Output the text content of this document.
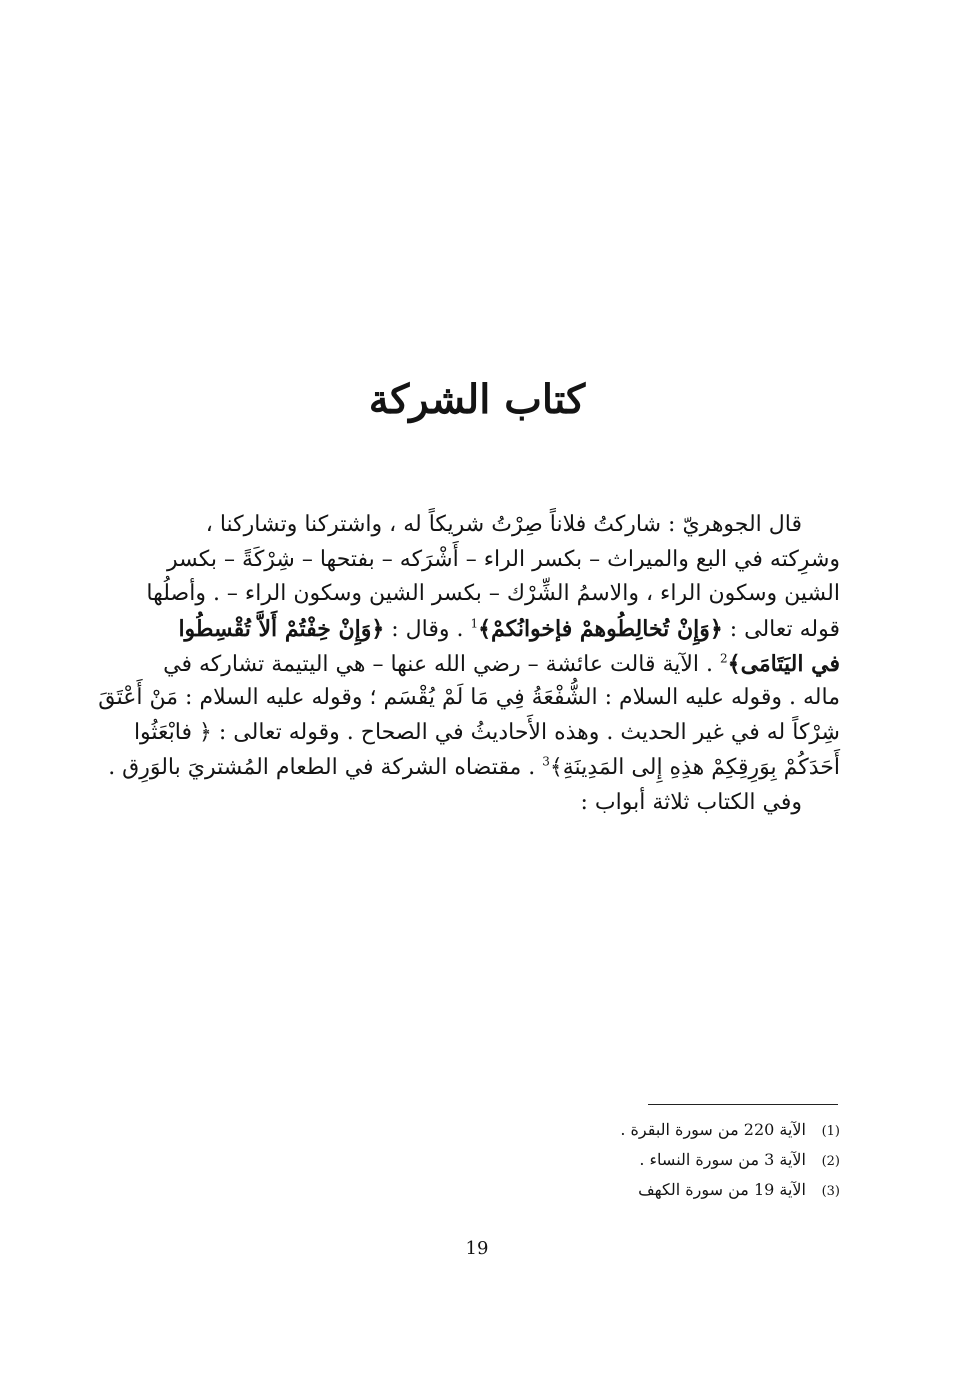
كتاب الشركة
قال الجوهريّ : شاركتُ فلاناً صِرْتُ شريكاً له ، واشتركنا وتشاركنا ،
وشرِكته في البع والميراث – بكسر الراء – أَشْرَكه – بفتحها – شِرْكَةً – بكسر
الشين وسكون الراء ، والاسمُ الشِّرْك – بكسر الشين وسكون الراء – . وأصلُها
قوله تعالى : ﴿وَإِنْ تُخالِطُوهمْ فإخوانُكمْ﴾$^1$ . وقال : ﴿وَإِنْ خِفْتُمْ أَلاَّ تُقْسِطُوا
في اليَتَامَى﴾$^2$ . الآية قالت عائشة – رضي الله عنها – هي اليتيمة تشاركه في
ماله . وقوله عليه السلام : الشُّفْعَةُ فِي مَا لَمْ يُقْسَم ؛ وقوله عليه السلام : مَنْ أَعْتَقَ
شِرْكاً له في غير الحديث . وهذه الأَحاديثُ في الصحاح . وقوله تعالى : ﴿ فابْعَثُوا
أَحَدَكُمْ بِوَرِقِكِمْ هذِهِ إِلى المَدِينَةِ﴾$^3$ . مقتضاه الشركة في الطعام المُشتريَ بالوَرِق .
وفي الكتاب ثلاثة أبواب :
(1)الآية 220 من سورة البقرة .
(2)الآية 3 من سورة النساء .
(3)الآية 19 من سورة الكهف
19
